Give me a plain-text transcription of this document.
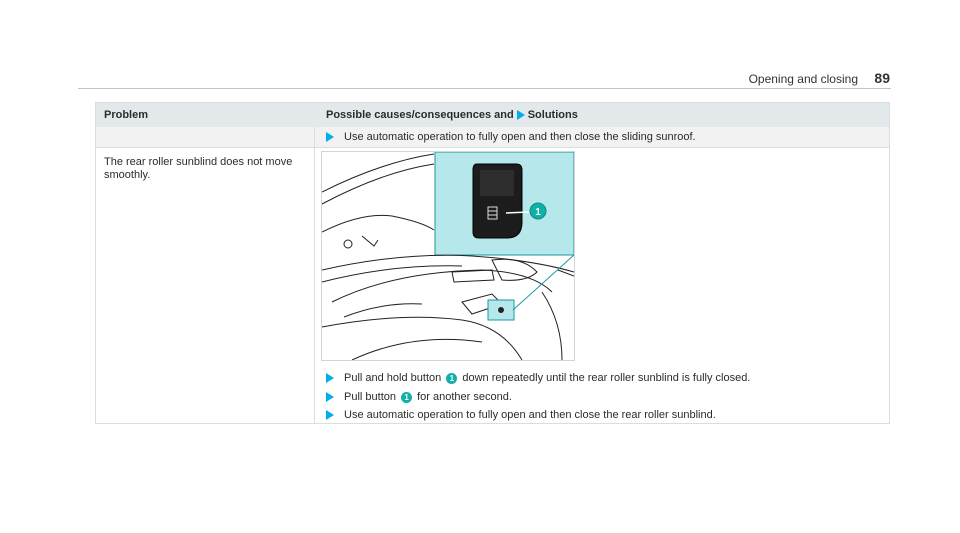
Opening and closing 89
Problem	Possible causes/consequences and Solutions
Use automatic operation to fully open and then close the sliding sunroof.
The rear roller sunblind does not move smoothly.
1
Pull and hold button 1 down repeatedly until the rear roller sunblind is fully closed.
Pull button 1 for another second.
Use automatic operation to fully open and then close the rear roller sunblind.
